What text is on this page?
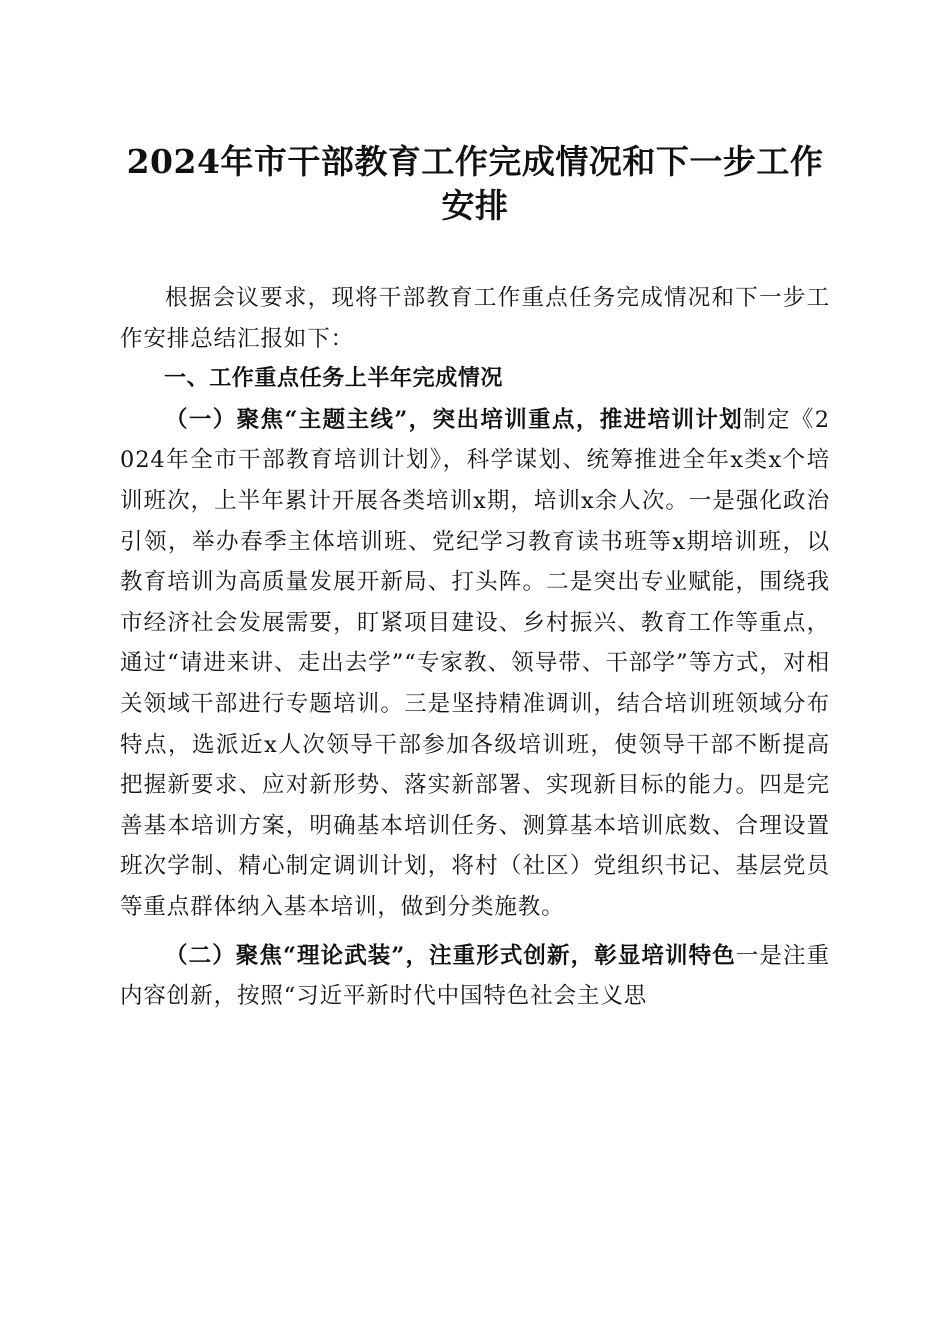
2024年市干部教育工作完成情况和下一步工作安排

根据会议要求，现将干部教育工作重点任务完成情况和下一步工作安排总结汇报如下：

一、工作重点任务上半年完成情况

（一）聚焦“主题主线”，突出培训重点，推进培训计划制定《2024年全市干部教育培训计划》，科学谋划、统筹推进全年x类x个培训班次，上半年累计开展各类培训x期，培训x余人次。一是强化政治引领，举办春季主体培训班、党纪学习教育读书班等x期培训班，以教育培训为高质量发展开新局、打头阵。二是突出专业赋能，围绕我市经济社会发展需要，盯紧项目建设、乡村振兴、教育工作等重点，通过“请进来讲、走出去学”“专家教、领导带、干部学”等方式，对相关领域干部进行专题培训。三是坚持精准调训，结合培训班领域分布特点，选派近x人次领导干部参加各级培训班，使领导干部不断提高把握新要求、应对新形势、落实新部署、实现新目标的能力。四是完善基本培训方案，明确基本培训任务、测算基本培训底数、合理设置班次学制、精心制定调训计划，将村（社区）党组织书记、基层党员等重点群体纳入基本培训，做到分类施教。

（二）聚焦“理论武装”，注重形式创新，彰显培训特色一是注重内容创新，按照“习近平新时代中国特色社会主义思
